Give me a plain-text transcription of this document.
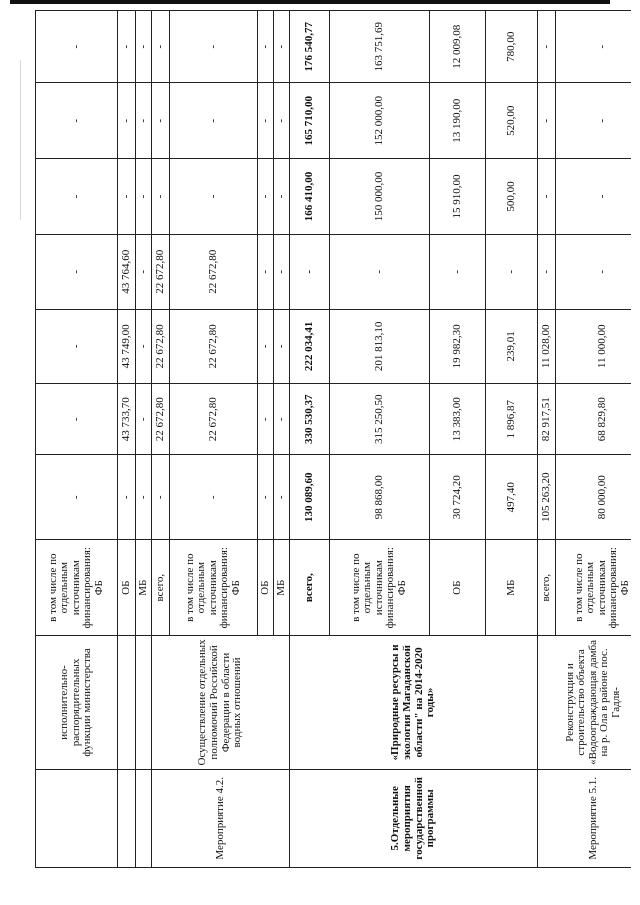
	исполнительно-распорядительных функции министерства	в том числе по отдельным источникам финансирования: ФБ	-	-	-	-	-	-	-
		ОБ	-	43 733,70	43 749,00	43 764,60	-	-	-
		МБ	-	-	-	-	-	-	-
Мероприятие 4.2.	Осуществление отдельных полномочий Российской Федерации в области водных отношений	всего,	-	22 672,80	22 672,80	22 672,80	-	-	-
		в том числе по отдельным источникам финансирования: ФБ	-	22 672,80	22 672,80	22 672,80	-	-	-
		ОБ	-	-	-	-	-	-	-
		МБ	-	-	-	-	-	-	-
5.Отдельные мероприятия государственной программы	«Природные ресурсы и экология Магаданской области" на 2014-2020 годы»	всего,	130 089,60	330 530,37	222 034,41	-	166 410,00	165 710,00	176 540,77
		в том числе по отдельным источникам финансирования: ФБ	98 868,00	315 250,50	201 813,10	-	150 000,00	152 000,00	163 751,69
		ОБ	30 724,20	13 383,00	19 982,30	-	15 910,00	13 190,00	12 009,08
		МБ	497,40	1 896,87	239,01	-	500,00	520,00	780,00
Мероприятие 5.1.	Реконструкция и строительство объекта «Водоограждающая дамба на р. Ола в районе пос. Гадля-	всего,	105 263,20	82 917,51	11 028,00	-	-	-	-
		в том числе по отдельным источникам финансирования: ФБ	80 000,00	68 829,80	11 000,00	-	-	-	-
